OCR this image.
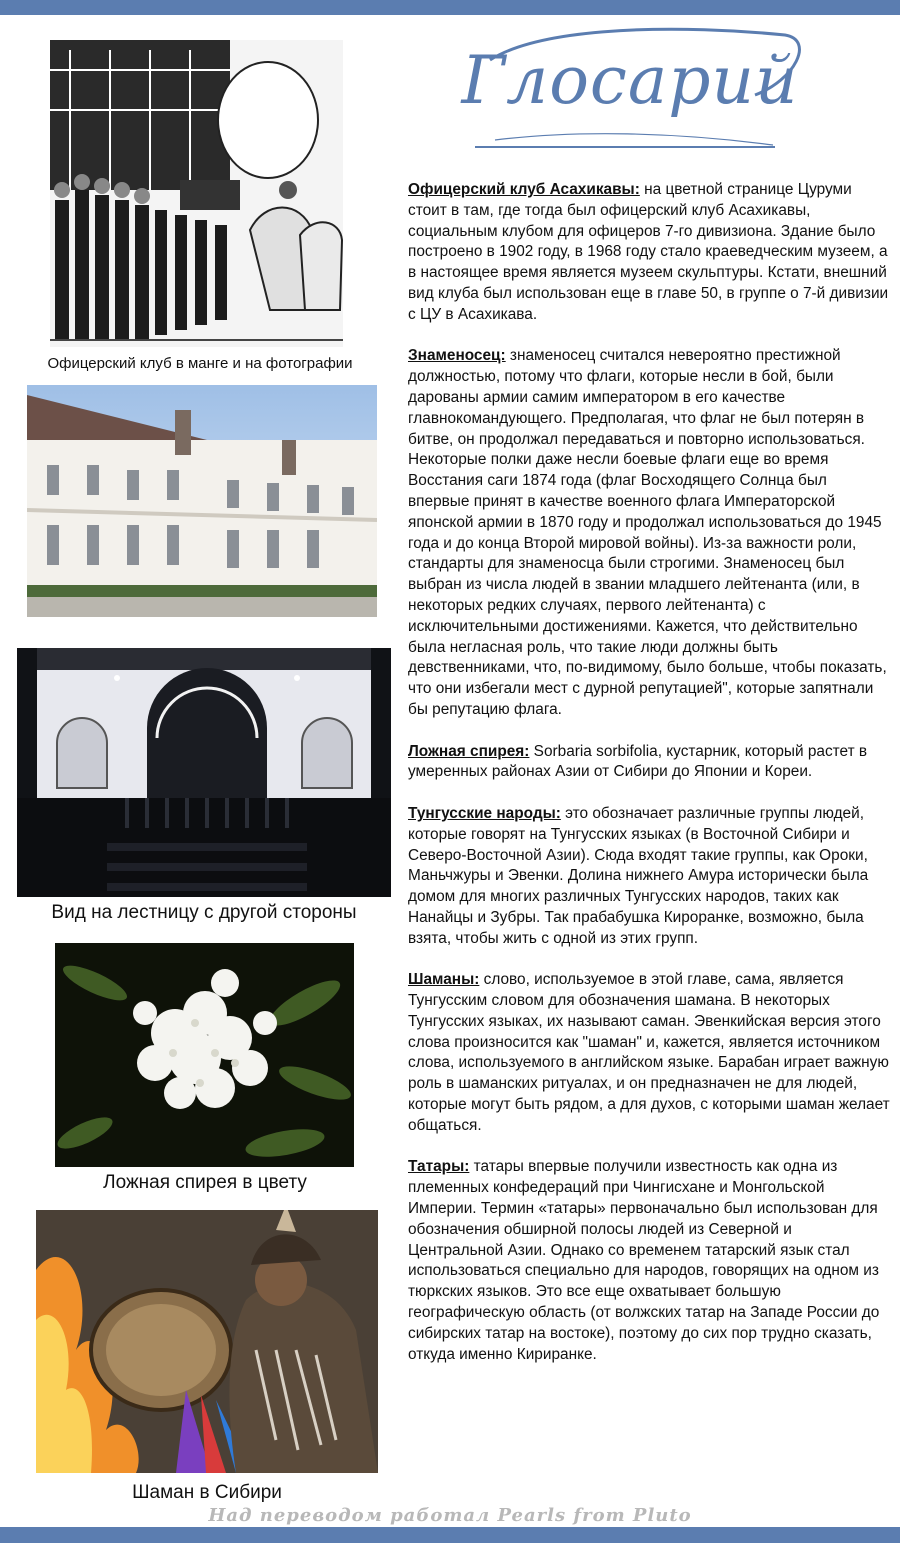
Глосарий
Офицерский клуб в манге и на фотографии
Вид на лестницу с другой стороны
Ложная спирея в цвету
Шаман в Сибири

Офицерский клуб Асахикавы: на цветной странице Цуруми стоит в там, где тогда был офицерский клуб Асахикавы, социальным клубом для офицеров 7-го дивизиона. Здание было построено в 1902 году, в 1968 году стало краеведческим музеем, а в настоящее время является музеем скульптуры. Кстати, внешний вид клуба был использован еще в главе 50, в группе о 7-й дивизии с ЦУ в Асахикава.

Знаменосец: знаменосец считался невероятно престижной должностью, потому что флаги, которые несли в бой, были дарованы армии самим императором в его качестве главнокомандующего. Предполагая, что флаг не был потерян в битве, он продолжал передаваться и повторно использоваться. Некоторые полки даже несли боевые флаги еще во время Восстания саги 1874 года (флаг Восходящего Солнца был впервые принят в качестве военного флага Императорской японской армии в 1870 году и продолжал использоваться до 1945 года и до конца Второй мировой войны). Из-за важности роли, стандарты для знаменосца были строгими. Знаменосец был выбран из числа людей в звании младшего лейтенанта (или, в некоторых редких случаях, первого лейтенанта) с исключительными достижениями. Кажется, что действительно была негласная роль, что такие люди должны быть девственниками, что, по-видимому, было больше, чтобы показать, что они избегали мест с дурной репутацией", которые запятнали бы репутацию флага.

Ложная спирея: Sorbaria sorbifolia, кустарник, который растет в умеренных районах Азии от Сибири до Японии и Кореи.

Тунгусские народы: это обозначает различные группы людей, которые говорят на Тунгусских языках (в Восточной Сибири и Северо-Восточной Азии). Сюда входят такие группы, как Ороки, Маньчжуры и Эвенки. Долина нижнего Амура исторически была домом для многих различных Тунгусских народов, таких как Нанайцы и Зубры. Так прабабушка Кироранке, возможно, была взята, чтобы жить с одной из этих групп.

Шаманы: слово, используемое в этой главе, сама, является Тунгусским словом для обозначения шамана. В некоторых Тунгусских языках, их называют саман. Эвенкийская версия этого слова произносится как "шаман" и, кажется, является источником слова, используемого в английском языке. Барабан играет важную роль в шаманских ритуалах, и он предназначен не для людей, которые могут быть рядом, а для духов, с которыми шаман желает общаться.

Татары: татары впервые получили известность как одна из племенных конфедераций при Чингисхане и Монгольской Империи. Термин «татары» первоначально был использован для обозначения обширной полосы людей из Северной и Центральной Азии. Однако со временем татарский язык стал использоваться специально для народов, говорящих на одном из тюркских языков. Это все еще охватывает большую географическую область (от волжских татар на Западе России до сибирских татар на востоке), поэтому до сих пор трудно сказать, откуда именно Кириранке.

Над переводом работал Pearls from Pluto
